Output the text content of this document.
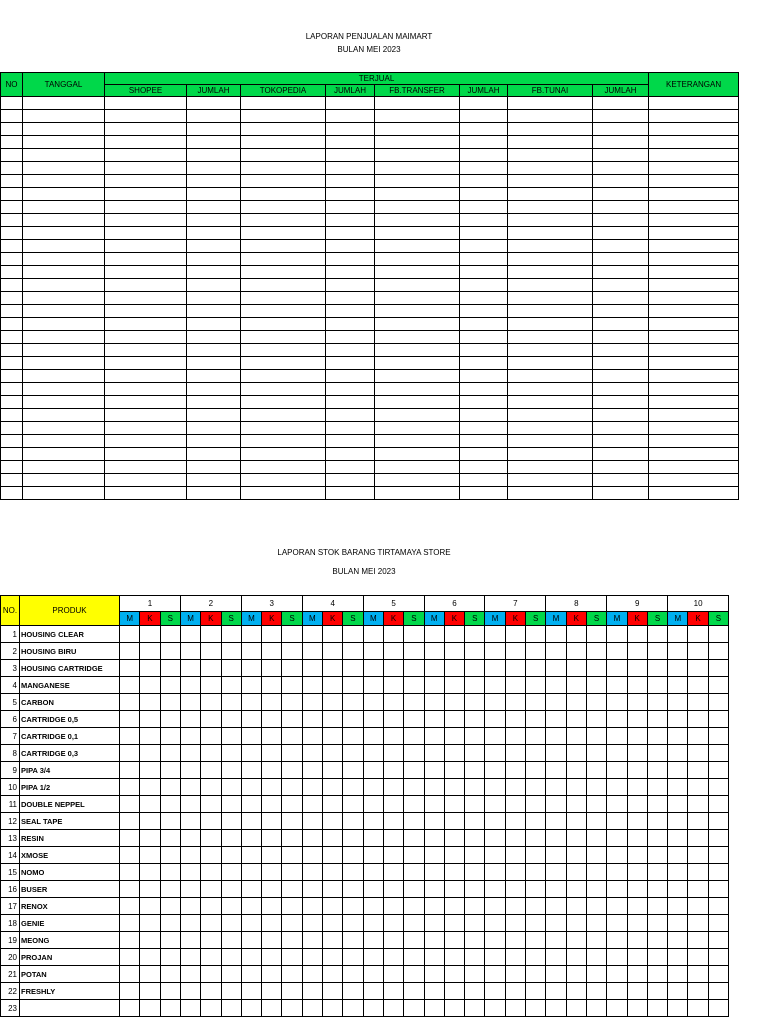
LAPORAN PENJUALAN MAIMART
BULAN MEI 2023
NO	TANGGAL	TERJUAL								KETERANGAN
		SHOPEE	JUMLAH	TOKOPEDIA	JUMLAH	FB.TRANSFER	JUMLAH	FB.TUNAI	JUMLAH	

LAPORAN STOK BARANG TIRTAMAYA STORE
BULAN MEI 2023
NO.	PRODUK	1			2			3			4			5			6			7			8			9			10		
		M	K	S	M	K	S	M	K	S	M	K	S	M	K	S	M	K	S	M	K	S	M	K	S	M	K	S	M	K	S
1	HOUSING CLEAR																														
2	HOUSING BIRU																														
3	HOUSING CARTRIDGE																														
4	MANGANESE																														
5	CARBON																														
6	CARTRIDGE 0,5																														
7	CARTRIDGE 0,1																														
8	CARTRIDGE 0,3																														
9	PIPA 3/4																														
10	PIPA 1/2																														
11	DOUBLE NEPPEL																														
12	SEAL TAPE																														
13	RESIN																														
14	XMOSE																														
15	NOMO																														
16	BUSER																														
17	RENOX																														
18	GENIE																														
19	MEONG																														
20	PROJAN																														
21	POTAN																														
22	FRESHLY																														
23																															
